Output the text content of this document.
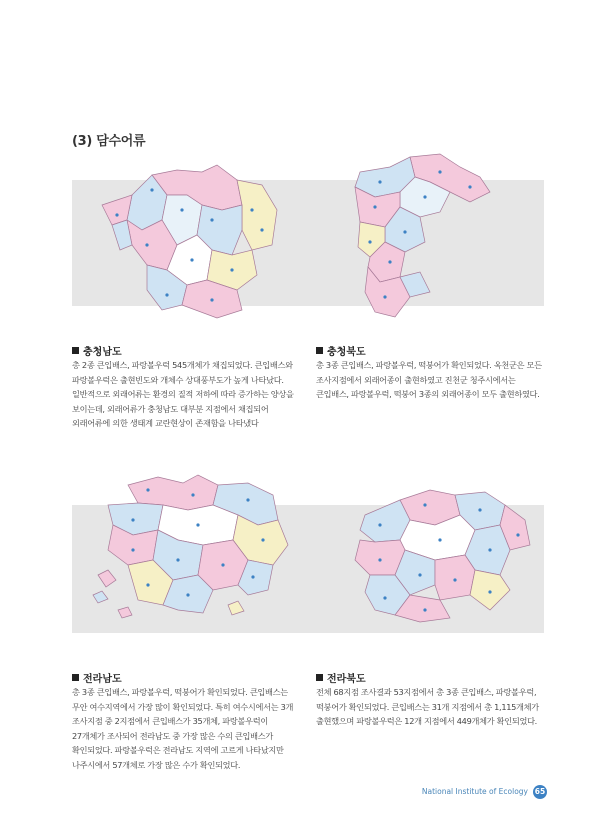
(3) 담수어류
충청남도
총 2종 큰입배스, 파랑볼우럭 545개체가 채집되었다. 큰입배스와 파랑볼우럭은 출현빈도와 개체수 상대풍부도가 높게 나타났다. 일반적으로 외래어류는 환경의 질적 저하에 따라 증가하는 양상을 보이는데, 외래어류가 충청남도 대부분 지점에서 채집되어 외래어류에 의한 생태계 교란현상이 존재함을 나타냈다
충청북도
총 3종 큰입배스, 파랑볼우럭, 떡붕어가 확인되었다. 옥천군은 모든 조사지점에서 외래어종이 출현하였고 진천군 청주시에서는 큰입배스, 파랑볼우럭, 떡붕어 3종의 외래어종이 모두 출현하였다.
전라남도
총 3종 큰입배스, 파랑볼우럭, 떡붕어가 확인되었다. 큰입배스는 무안 여수지역에서 가장 많이 확인되었다. 특히 여수시에서는 3개 조사지점 중 2지점에서 큰입배스가 35개체, 파랑볼우럭이 27개체가 조사되어 전라남도 중 가장 많은 수의 큰입배스가 확인되었다. 파랑볼우럭은 전라남도 지역에 고르게 나타났지만 나주시에서 57개체로 가장 많은 수가 확인되었다.
전라북도
전체 68지점 조사결과 53지점에서 총 3종 큰입배스, 파랑볼우럭, 떡붕어가 확인되었다. 큰입배스는 31개 지점에서 총 1,115개체가 출현했으며 파랑볼우럭은 12개 지점에서 449개체가 확인되었다.
National Institute of Ecology 65
